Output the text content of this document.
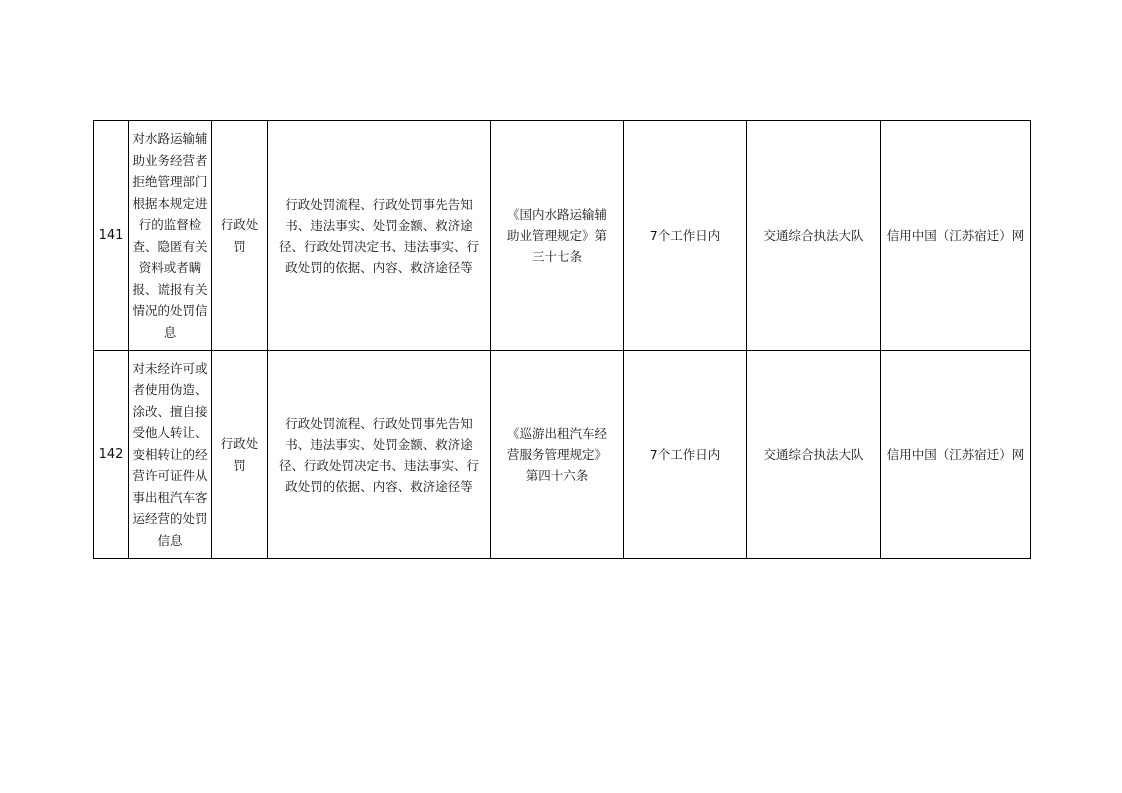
141	对水路运输辅助业务经营者拒绝管理部门根据本规定进行的监督检查、隐匿有关资料或者瞒报、谎报有关情况的处罚信息	行政处罚	行政处罚流程、行政处罚事先告知书、违法事实、处罚金额、救济途径、行政处罚决定书、违法事实、行政处罚的依据、内容、救济途径等	《国内水路运输辅助业管理规定》第三十七条	7个工作日内	交通综合执法大队	信用中国（江苏宿迁）网

142	对未经许可或者使用伪造、涂改、擅自接受他人转让、变相转让的经营许可证件从事出租汽车客运经营的处罚信息	行政处罚	行政处罚流程、行政处罚事先告知书、违法事实、处罚金额、救济途径、行政处罚决定书、违法事实、行政处罚的依据、内容、救济途径等	《巡游出租汽车经营服务管理规定》第四十六条	7个工作日内	交通综合执法大队	信用中国（江苏宿迁）网
